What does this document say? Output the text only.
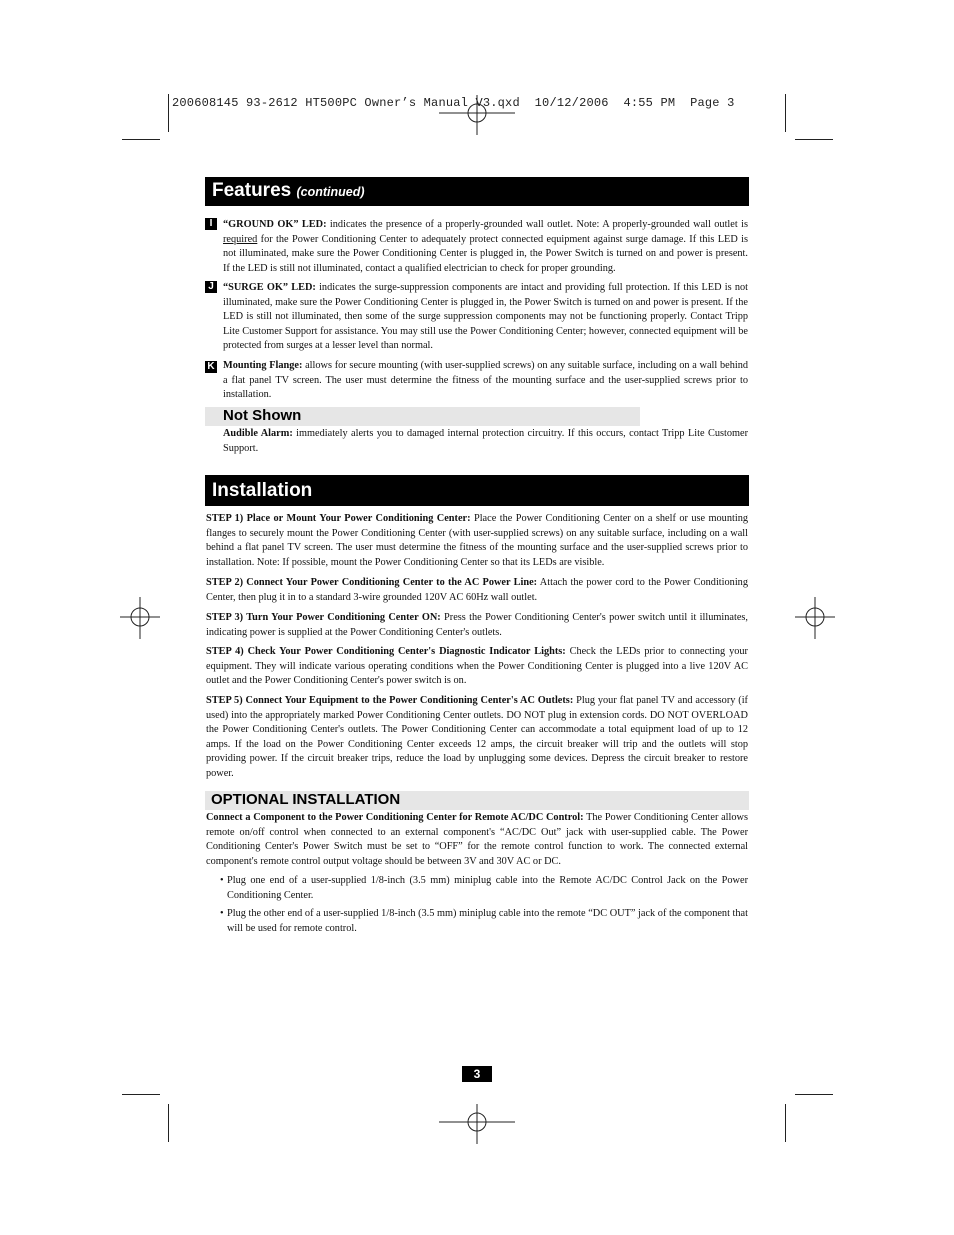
200608145 93-2612 HT500PC Owner’s Manual V3.qxd  10/12/2006  4:55 PM  Page 3
Features (continued)
I	“GROUND OK” LED: indicates the presence of a properly-grounded wall outlet. Note: A properly-grounded wall outlet is required for the Power Conditioning Center to adequately protect connected equipment against surge damage. If this LED is not illuminated, make sure the Power Conditioning Center is plugged in, the Power Switch is turned on and power is present. If the LED is still not illuminated, contact a qualified electrician to check for proper grounding.
J “SURGE OK” LED: indicates the surge-suppression components are intact and providing full protection. If this LED is not illuminated, make sure the Power Conditioning Center is plugged in, the Power Switch is turned on and power is present. If the LED is still not illuminated, then some of the surge suppression components may not be functioning properly. Contact Tripp Lite Customer Support for assistance. You may still use the Power Conditioning Center; however, connected equipment will be protected from surges at a lesser level than normal.
K Mounting Flange: allows for secure mounting (with user-supplied screws) on any suitable surface, including on a wall behind a flat panel TV screen. The user must determine the fitness of the mounting surface and the user-supplied screws prior to installation.
Not Shown
Audible Alarm: immediately alerts you to damaged internal protection circuitry. If this occurs, contact Tripp Lite Customer Support.
Installation
STEP 1) Place or Mount Your Power Conditioning Center: Place the Power Conditioning Center on a shelf or use mounting flanges to securely mount the Power Conditioning Center (with user-supplied screws) on any suitable surface, including on a wall behind a flat panel TV screen. The user must determine the fitness of the mounting surface and the user-supplied screws prior to installation. Note: If possible, mount the Power Conditioning Center so that its LEDs are visible.
STEP 2) Connect Your Power Conditioning Center to the AC Power Line: Attach the power cord to the Power Conditioning Center, then plug it in to a standard 3-wire grounded 120V AC 60Hz wall outlet.
STEP 3) Turn Your Power Conditioning Center ON: Press the Power Conditioning Center's power switch until it illuminates, indicating power is supplied at the Power Conditioning Center's outlets.
STEP 4) Check Your Power Conditioning Center's Diagnostic Indicator Lights: Check the LEDs prior to connecting your equipment. They will indicate various operating conditions when the Power Conditioning Center is plugged into a live 120V AC outlet and the Power Conditioning Center's power switch is on.
STEP 5) Connect Your Equipment to the Power Conditioning Center's AC Outlets: Plug your flat panel TV and accessory (if used) into the appropriately marked Power Conditioning Center outlets. DO NOT plug in extension cords. DO NOT OVERLOAD the Power Conditioning Center's outlets. The Power Conditioning Center can accommodate a total equipment load of up to 12 amps. If the load on the Power Conditioning Center exceeds 12 amps, the circuit breaker will trip and the outlets will stop providing power. If the circuit breaker trips, reduce the load by unplugging some devices. Depress the circuit breaker to restore power.
OPTIONAL INSTALLATION
Connect a Component to the Power Conditioning Center for Remote AC/DC Control: The Power Conditioning Center allows remote on/off control when connected to an external component's “AC/DC Out” jack with user-supplied cable. The Power Conditioning Center's Power Switch must be set to “OFF” for the remote control function to work. The connected external component's remote control output voltage should be between 3V and 30V AC or DC.
• Plug one end of a user-supplied 1/8-inch (3.5 mm) miniplug cable into the Remote AC/DC Control Jack on the Power Conditioning Center.
• Plug the other end of a user-supplied 1/8-inch (3.5 mm) miniplug cable into the remote “DC OUT” jack of the component that will be used for remote control.
3
